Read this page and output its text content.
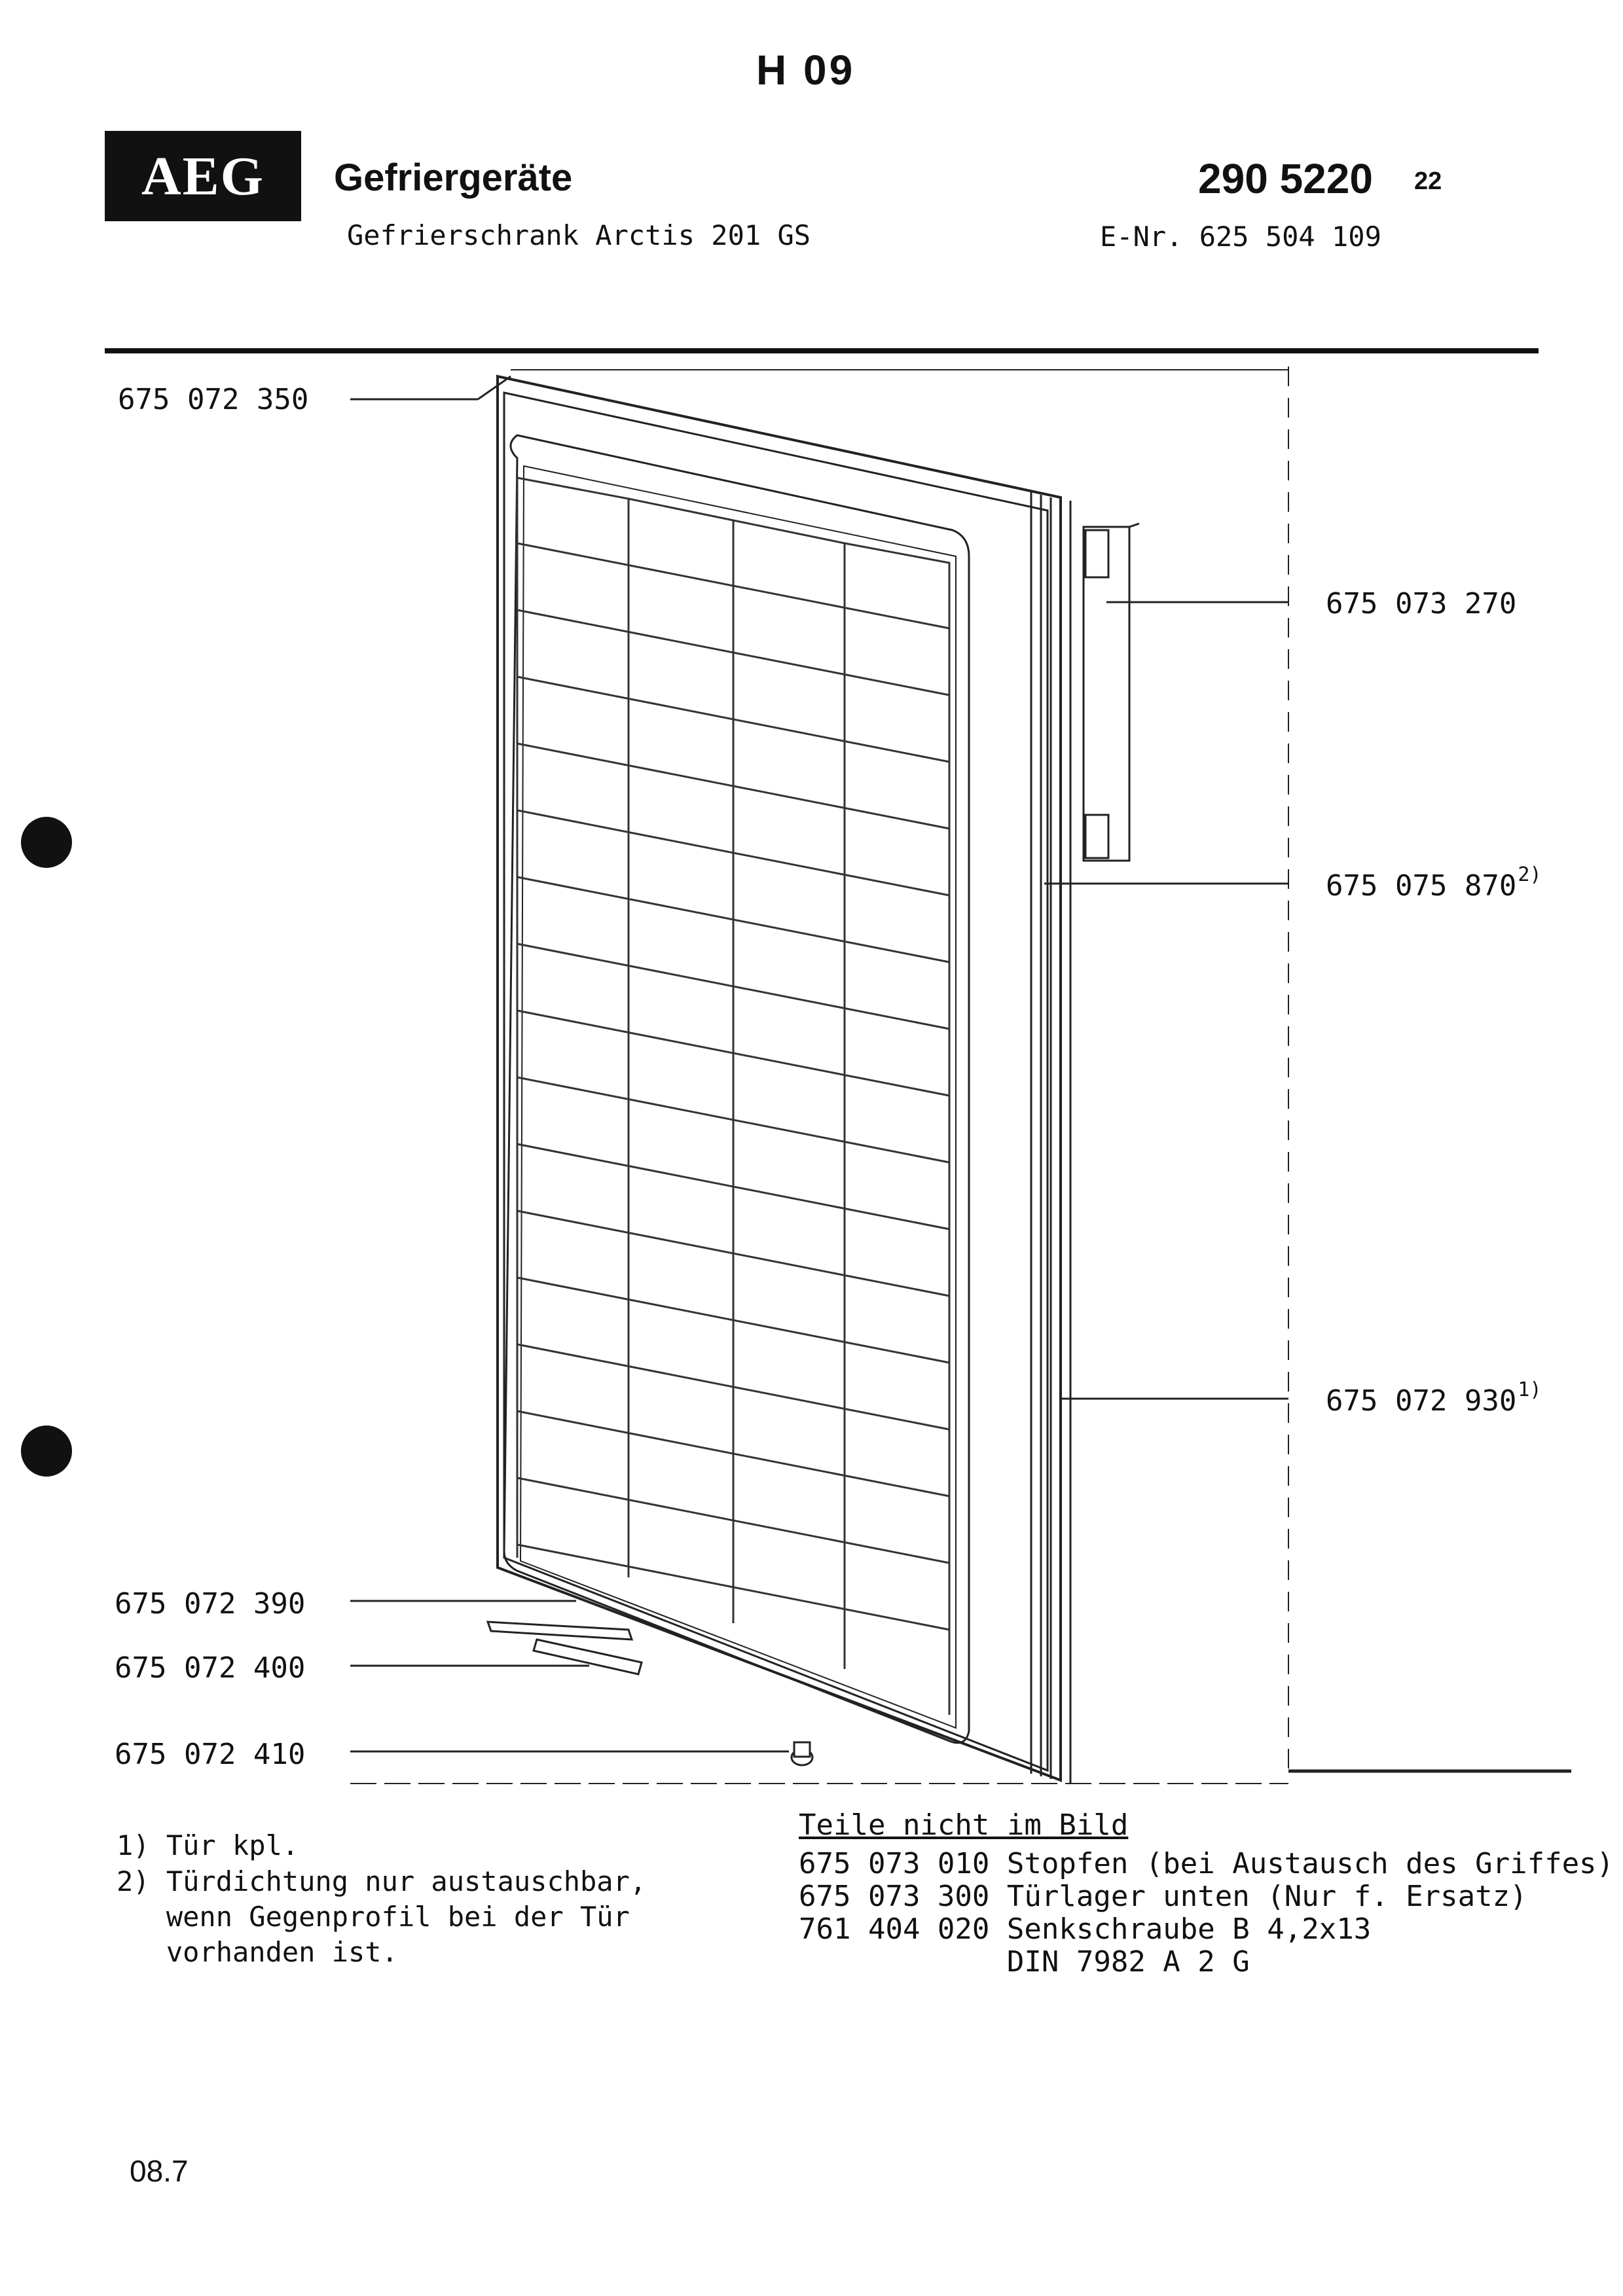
H 09
AEG Gefriergeräte	290 5220 22
Gefrierschrank Arctis 201 GS	E-Nr. 625 504 109
675 072 350
675 073 270
675 075 870$^{2)}$
675 072 930$^{1)}$
675 072 390
675 072 400
675 072 410
1) Tür kpl.
2) Türdichtung nur austauschbar,
wenn Gegenprofil bei der Tür
vorhanden ist.
Teile nicht im Bild
675 073 010 Stopfen (bei Austausch des Griffes)
675 073 300 Türlager unten (Nur f. Ersatz)
761 404 020 Senkschraube B 4,2x13
DIN 7982 A 2 G
08.7
